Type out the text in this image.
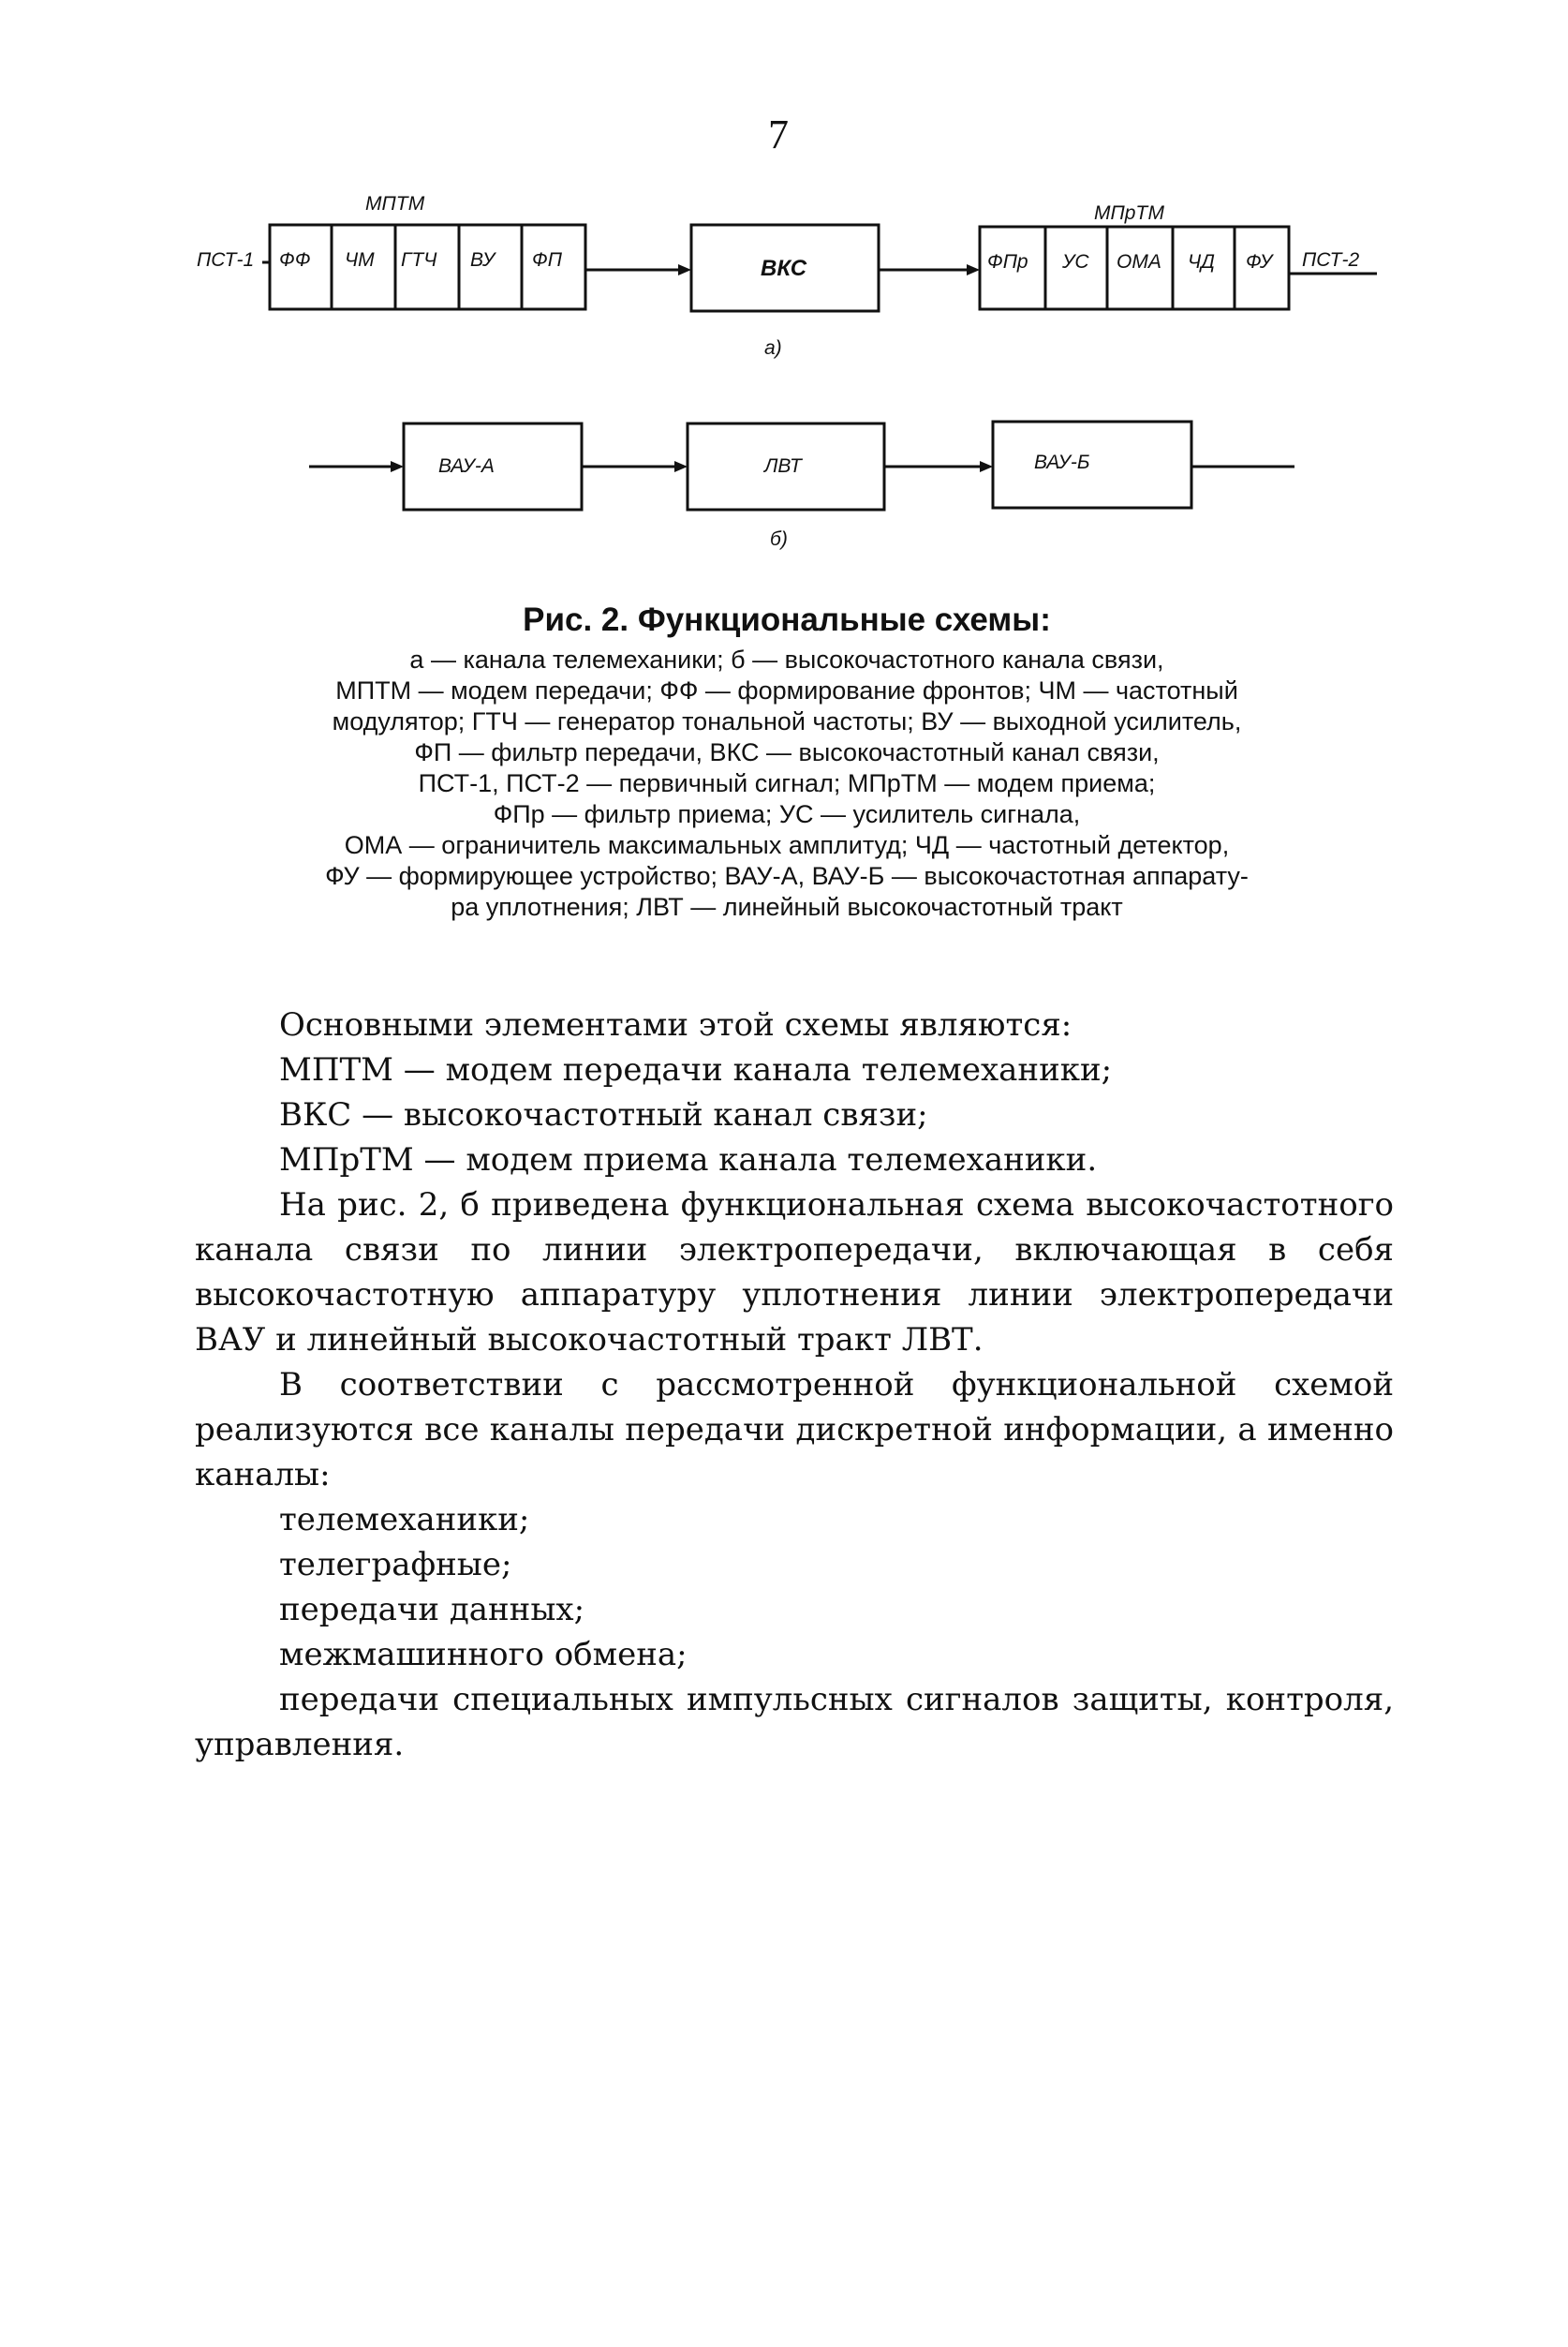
7
МПТМ
ПСТ-1 ФФ ЧМ ГТЧ ВУ ФП	ВКС
МПрТМ
ФПр УС ОМА ЧД ФУ ПСТ-2
а)
ВАУ-А	ЛВТ	ВАУ-Б
б)

Рис. 2. Функциональные схемы:

а — канала телемеханики; б — высокочастотного канала связи,

МПТМ — модем передачи; ФФ — формирование фронтов; ЧМ — частотный

модулятор; ГТЧ — генератор тональной частоты; ВУ — выходной усилитель,

ФП — фильтр передачи, ВКС — высокочастотный канал связи,

ПСТ-1, ПСТ-2 — первичный сигнал; МПрТМ — модем приема;

ФПр — фильтр приема; УС — усилитель сигнала,

ОМА — ограничитель максимальных амплитуд; ЧД — частотный детектор,

ФУ — формирующее устройство; ВАУ-А, ВАУ-Б — высокочастотная аппарату-

ра уплотнения; ЛВТ — линейный высокочастотный тракт

Основными элементами этой схемы являются:

МПТМ — модем передачи канала телемеханики;

ВКС — высокочастотный канал связи;

МПрТМ — модем приема канала телемеханики.

На рис. 2, б приведена функциональная схема высокочастотного канала связи по линии электропередачи, включающая в себя высокочастотную аппаратуру уплотнения линии электропередачи ВАУ и линейный высокочастотный тракт ЛВТ.

В соответствии с рассмотренной функциональной схемой реализуются все каналы передачи дискретной информации, а именно каналы:

телемеханики;

телеграфные;

передачи данных;

межмашинного обмена;

передачи специальных импульсных сигналов защиты, контроля, управления.
